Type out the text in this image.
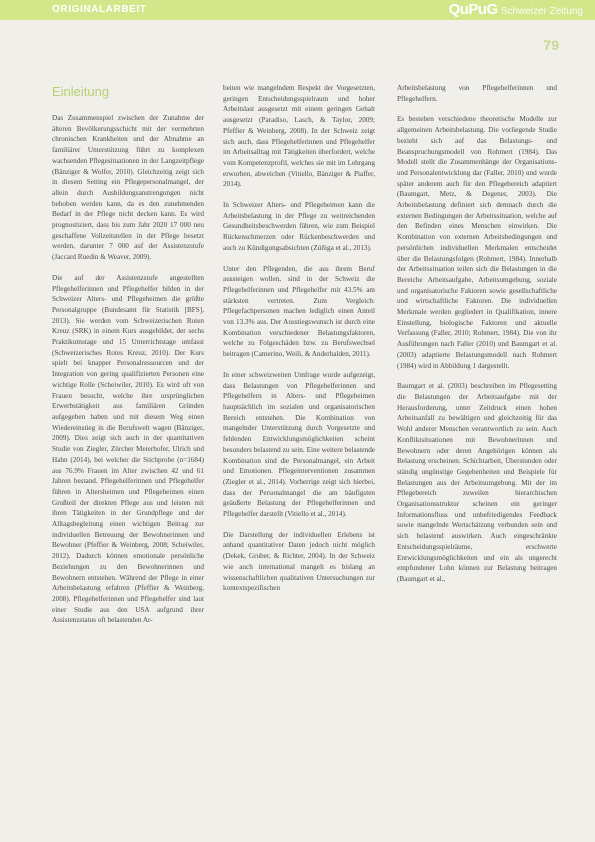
ORIGINALARBEIT	QuPuG Schweizer Zeitung
79
Einleitung

Das Zusammenspiel zwischen der Zunahme der älteren Bevölkerungsschicht mit der vermehrten chronischen Krankheiten und der Abnahme an familiärer Unterstützung führt zu komplexen wachsenden Pflegesituationen in der Langzeitpflege (Bänziger & Wolfer, 2010). Gleichzeitig zeigt sich in diesem Setting ein Pflegepersonalmangel, der allein durch Ausbildungsanstrengungen nicht behoben werden kann, da es den zunehmenden Bedarf in der Pflege nicht decken kann. Es wird prognostiziert, dass bis zum Jahr 2020 17 000 neu geschaffene Vollzeitstellen in der Pflege besetzt werden, darunter 7 000 auf der Assistenzstufe (Jaccard Ruedin & Weaver, 2009).

Die auf der Assistenzstufe angestellten Pflegehelferinnen und Pflegehelfer bilden in der Schweizer Alters- und Pflegeheimen die größte Personalgruppe (Bundesamt für Statistik [BFS], 2013). Sie werden vom Schweizerischen Roten Kreuz (SRK) in einem Kurs ausgebildet, der sechs Praktikumstage und 15 Unterrichtstage umfasst (Schweizerisches Rotes Kreuz, 2010). Der Kurs spielt bei knapper Personalressourcen und der Integration von gering qualifizierten Personen eine wichtige Rolle (Scheiwiler, 2010). Es wird oft von Frauen besucht, welche ihre ursprünglichen Erwerbstätigkeit aus familiären Gründen aufgegeben haben und mit diesem Weg einen Wiedereinstieg in die Berufswelt wagen (Bänziger, 2009). Dies zeigt sich auch in der quantitativen Studie von Ziegler, Zürcher Meierhofer, Ulrich und Hahn (2014), bei welcher die Stichprobe (n=1684) aus 76.9% Frauen im Alter zwischen 42 und 61 Jahren bestand. Pflegehelferinnen und Pflegehelfer führen in Altersheimen und Pflegeheimen einen Großteil der direkten Pflege aus und leisten mit ihren Tätigkeiten in der Grundpflege und der Alltagsbegleitung einen wichtigen Beitrag zur individuellen Betreuung der Bewohnerinnen und Bewohner (Pfeffier & Weinberg, 2008; Scheiwiler, 2012). Dadurch können emotionale persönliche Beziehungen zu den Bewohnerinnen und Bewohnern entstehen. Während der Pflege in einer Arbeitsbelastung erfahren (Pfeffier & Weinberg, 2008). Pflegehelferinnen und Pflegehelfer sind laut einer Studie aus den USA aufgrund ihrer Assistenzstatus oft belastenden Ar-

beiten wie mangelndem Respekt der Vorgesetzten, geringen Entscheidungsspielraum und hoher Arbeitslast ausgesetzt mit einem geringen Gehalt ausgesetzt (Paradiso, Lasch, & Taylor, 2009; Pfeffier & Weinberg, 2008). In der Schweiz zeigt sich auch, dass Pflegehelferinnen und Pflegehelfer im Arbeitsalltag mit Tätigkeiten überfordert, welche vom Kompetenzprofil, welches sie mit im Lehrgang erworben, abweichen (Vitiello, Bänziger & Piaffer, 2014).

In Schweizer Alters- und Pflegeheimen kann die Arbeitsbelastung in der Pflege zu weitreichenden Gesundheitsbeschwerden führen, wie zum Beispiel Rückenschmerzen oder Rückenbeschwerden und auch zu Kündigungsabsichten (Zúñiga et al., 2013).

Unter den Pflegenden, die aus ihrem Beruf aussteigen wollen, sind in der Schweiz die Pflegehelferinnen und Pflegehelfer mit 43.5% am stärksten vertreten. Zum Vergleich: Pflegefachpersonen machen lediglich einen Anteil von 13.3% aus. Der Ausstiegswunsch ist durch eine Kombination verschiedener Belastungsfaktoren, welche zu Folgeschäden bzw. zu Berufswechsel beitragen (Camerino, Weili, & Anderhalden, 2011).

In einer schweizweiten Umfrage wurde aufgezeigt, dass Belastungen von Pflegehelferinnen und Pflegehelfern in Alters- und Pflegeheimen hauptsächlich im sozialen und organisatorischen Bereich entstehen. Die Kombination von mangelnder Unterstützung durch Vorgesetzte und fehlenden Entwicklungsmöglichkeiten scheint besonders belastend zu sein. Eine weitere belastende Kombination sind die Personalmangel, ein Arbeit und Emotionen. Pflegeinterventionen zusammen (Ziegler et al., 2014). Vorherrige zeigt sich hierbei, dass der Personalmangel die am häufigsten geäußerte Belastung der Pflegehelferinnen und Pflegehelfer darstellt (Vitiello et al., 2014).

Die Darstellung der individuellen Erlebens ist anhand quantitativer Daten jedoch nicht möglich (Dekek, Gruber, & Richter, 2004). In der Schweiz wie auch international mangelt es bislang an wissenschaftlichen qualitativen Untersuchungen zur kontextspezifischen

Arbeitsbelastung von Pflegehelferinnen und Pflegehelfern.

Es bestehen verschiedene theoretische Modelle zur allgemeinen Arbeitsbelastung. Die vorliegende Studie bezieht sich auf das Belastungs- und Beanspruchungsmodell von Rohmert (1984). Das Modell stellt die Zusammenhänge der Organisations- und Personalentwicklung dar (Faller, 2010) und wurde später anderem auch für den Pflegebereich adaptiert (Baumgart, Metz, & Degener, 2003). Die Arbeitsbelastung definiert sich demnach durch die externen Bedingungen der Arbeitssituation, welche auf den Befinden eines Menschen einwirken. Die Kombination von externen Arbeitsbedingungen und persönlichen individuellen Merkmalen entscheidet über die Belastungsfolgen (Rohmert, 1984). Innerhalb der Arbeitssituation teilen sich die Belastungen in die Bereiche Arbeitsaufgabe, Arbeitsumgebung, soziale und organisatorische Faktoren sowie gesellschaftliche und wirtschaftliche Faktoren. Die individuellen Merkmale werden gegliedert in Qualifikation, innere Einstellung, biologische Faktoren und aktuelle Verfassung (Faller, 2010; Rohmert, 1984). Die von ihr Ausführungen nach Faller (2010) und Baumgart et al. (2003) adaptierte Belastungsmodell nach Rohmert (1984) wird in Abbildung 1 dargestellt.

Baumgart et al. (2003) beschreiben im Pflegesetting die Belastungen der Arbeitsaufgabe mit der Herausforderung, unter Zeitdruck einen hohen Arbeitsanfall zu bewältigen und gleichzeitig für das Wohl anderer Menschen verantwortlich zu sein. Auch Konfliktsituationen mit Bewohnerinnen und Bewohnern oder deren Angehörigen können als Belastung erscheinen. Schichtarbeit, Überstunden oder ständig ungünstige Gegebenheiten und Beispiele für Belastungen aus der Arbeitsumgebung. Mit der im Pflegebereich zuweilen hierarchischen Organisationsstruktur scheinen ein geringer Informationsfluss und unbefriedigendes Feedback sowie mangelnde Wertschätzung verbunden sein und sich belastend auswirken. Auch eingeschränkte Entscheidungsspielräume, erschwerte Entwicklungsmöglichkeiten und ein als ungerecht empfundener Lohn können zur Belastung beitragen (Baumgart et al.,
